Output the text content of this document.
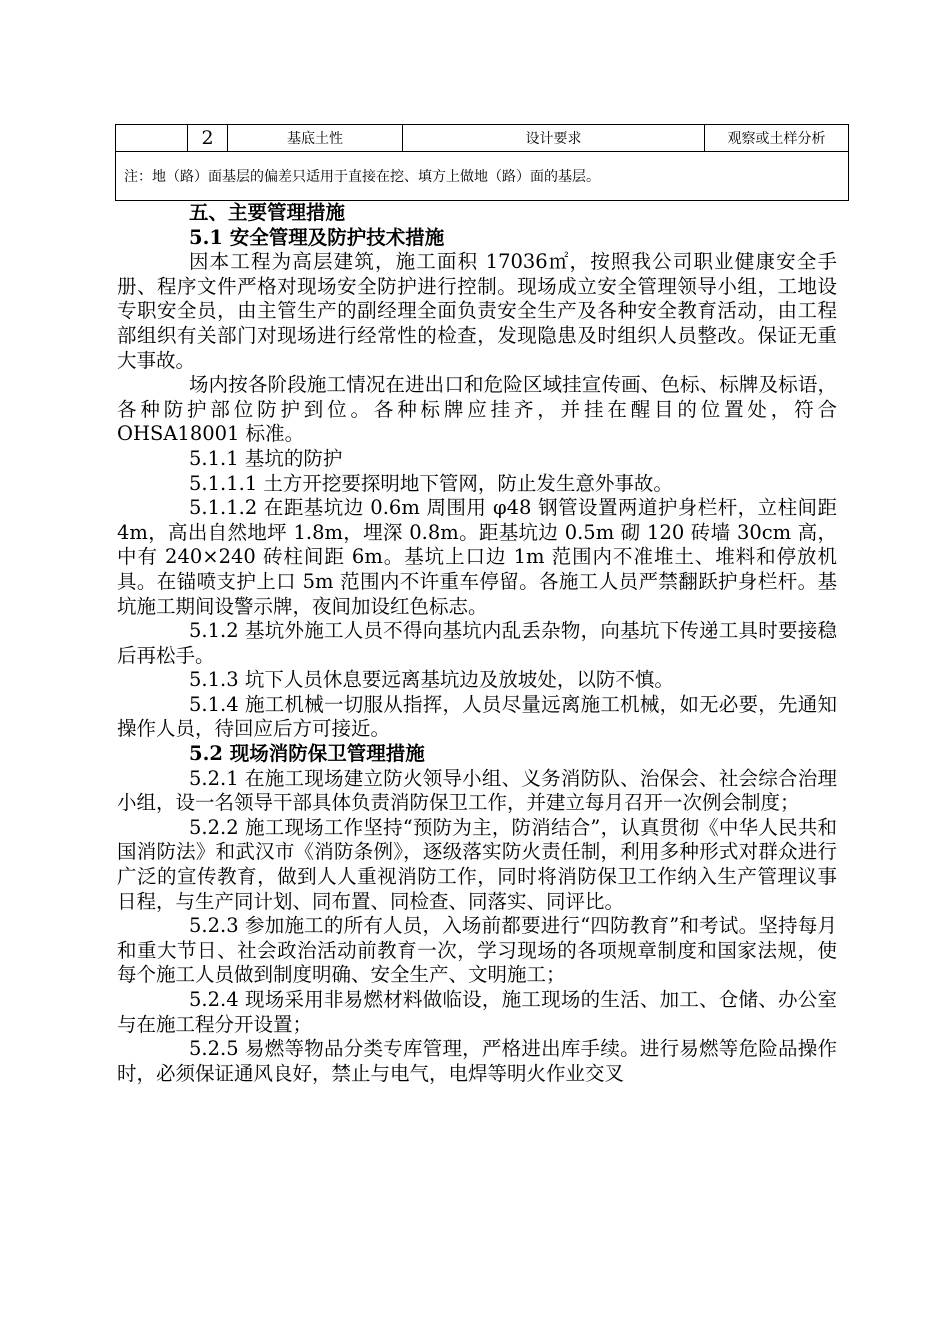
	2	基底土性	设计要求	观察或土样分析
注：地（路）面基层的偏差只适用于直接在挖、填方上做地（路）面的基层。

五、主要管理措施

5.1 安全管理及防护技术措施

因本工程为高层建筑，施工面积 17036㎡，按照我公司职业健康安全手册、程序文件严格对现场安全防护进行控制。现场成立安全管理领导小组，工地设专职安全员，由主管生产的副经理全面负责安全生产及各种安全教育活动，由工程部组织有关部门对现场进行经常性的检查，发现隐患及时组织人员整改。保证无重大事故。

场内按各阶段施工情况在进出口和危险区域挂宣传画、色标、标牌及标语，各种防护部位防护到位。各种标牌应挂齐，并挂在醒目的位置处，符合 OHSA18001 标准。

5.1.1 基坑的防护

5.1.1.1 土方开挖要探明地下管网，防止发生意外事故。

5.1.1.2 在距基坑边 0.6m 周围用 φ48 钢管设置两道护身栏杆，立柱间距 4m，高出自然地坪 1.8m，埋深 0.8m。距基坑边 0.5m 砌 120 砖墙 30cm 高，中有 240×240 砖柱间距 6m。基坑上口边 1m 范围内不准堆土、堆料和停放机具。在锚喷支护上口 5m 范围内不许重车停留。各施工人员严禁翻跃护身栏杆。基坑施工期间设警示牌，夜间加设红色标志。

5.1.2 基坑外施工人员不得向基坑内乱丢杂物，向基坑下传递工具时要接稳后再松手。

5.1.3 坑下人员休息要远离基坑边及放坡处，以防不慎。

5.1.4 施工机械一切服从指挥，人员尽量远离施工机械，如无必要，先通知操作人员，待回应后方可接近。

5.2 现场消防保卫管理措施

5.2.1 在施工现场建立防火领导小组、义务消防队、治保会、社会综合治理小组，设一名领导干部具体负责消防保卫工作，并建立每月召开一次例会制度；

5.2.2 施工现场工作坚持“预防为主，防消结合”，认真贯彻《中华人民共和国消防法》和武汉市《消防条例》，逐级落实防火责任制，利用多种形式对群众进行广泛的宣传教育，做到人人重视消防工作，同时将消防保卫工作纳入生产管理议事日程，与生产同计划、同布置、同检查、同落实、同评比。

5.2.3 参加施工的所有人员，入场前都要进行“四防教育”和考试。坚持每月和重大节日、社会政治活动前教育一次，学习现场的各项规章制度和国家法规，使每个施工人员做到制度明确、安全生产、文明施工；

5.2.4 现场采用非易燃材料做临设，施工现场的生活、加工、仓储、办公室与在施工程分开设置；

5.2.5 易燃等物品分类专库管理，严格进出库手续。进行易燃等危险品操作时，必须保证通风良好，禁止与电气，电焊等明火作业交叉
